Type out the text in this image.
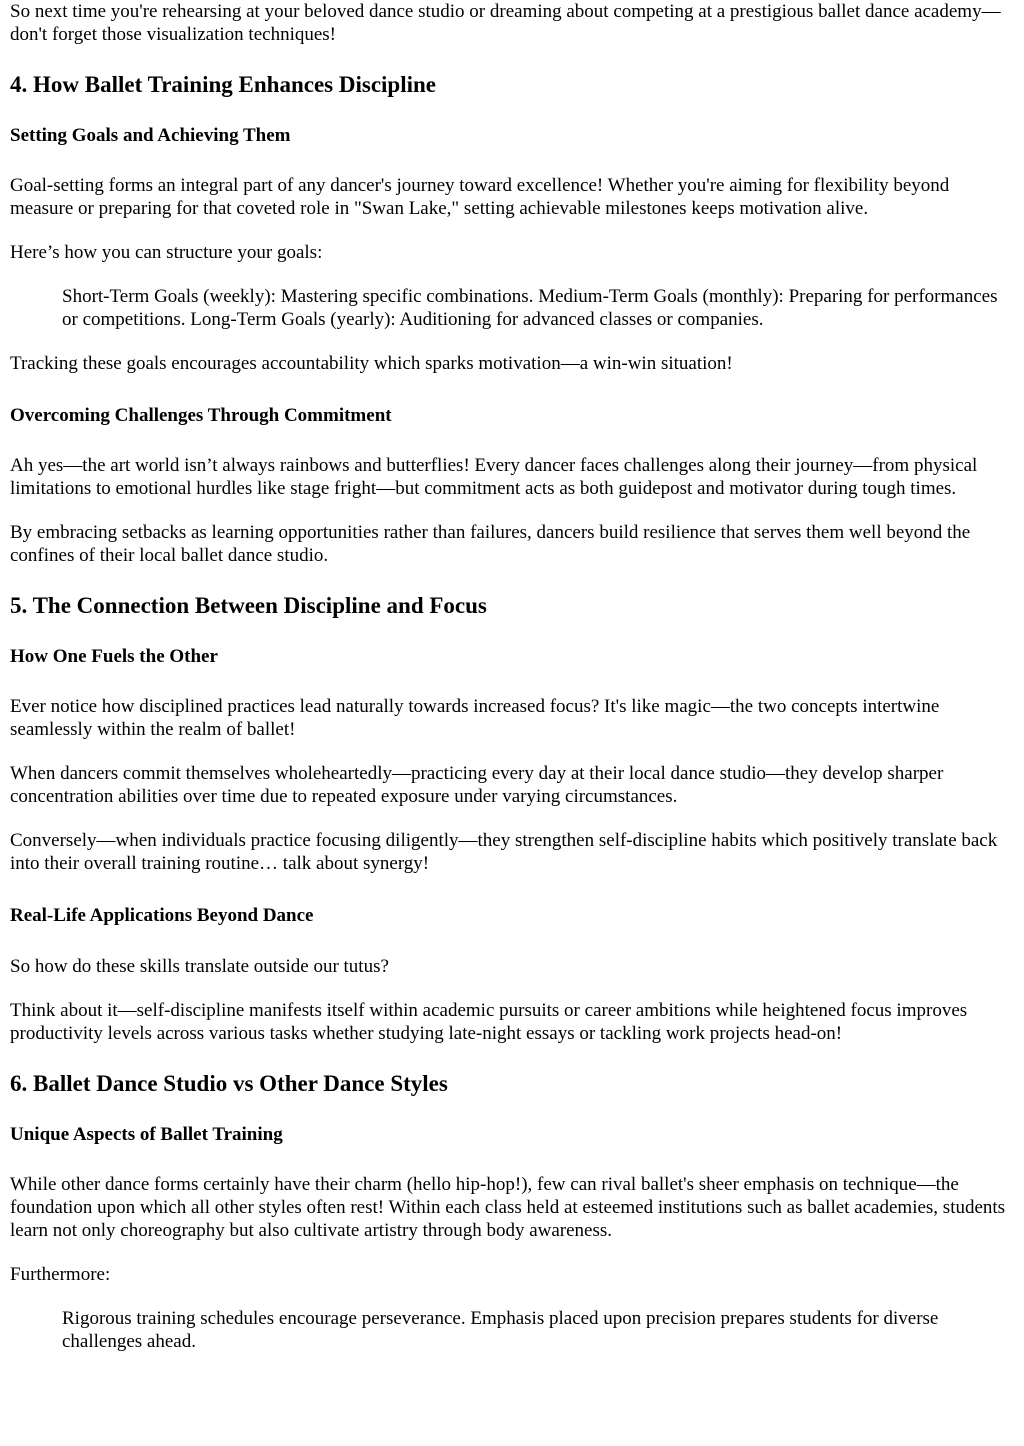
So next time you're rehearsing at your beloved dance studio or dreaming about competing at a prestigious ballet dance academy—don't forget those visualization techniques!

4. How Ballet Training Enhances Discipline
Setting Goals and Achieving Them

Goal-setting forms an integral part of any dancer's journey toward excellence! Whether you're aiming for flexibility beyond measure or preparing for that coveted role in "Swan Lake," setting achievable milestones keeps motivation alive.

Here’s how you can structure your goals:

Short-Term Goals (weekly): Mastering specific combinations. Medium-Term Goals (monthly): Preparing for performances or competitions. Long-Term Goals (yearly): Auditioning for advanced classes or companies.

Tracking these goals encourages accountability which sparks motivation—a win-win situation!

Overcoming Challenges Through Commitment

Ah yes—the art world isn’t always rainbows and butterflies! Every dancer faces challenges along their journey—from physical limitations to emotional hurdles like stage fright—but commitment acts as both guidepost and motivator during tough times.

By embracing setbacks as learning opportunities rather than failures, dancers build resilience that serves them well beyond the confines of their local ballet dance studio.

5. The Connection Between Discipline and Focus
How One Fuels the Other

Ever notice how disciplined practices lead naturally towards increased focus? It's like magic—the two concepts intertwine seamlessly within the realm of ballet!

When dancers commit themselves wholeheartedly—practicing every day at their local dance studio—they develop sharper concentration abilities over time due to repeated exposure under varying circumstances.

Conversely—when individuals practice focusing diligently—they strengthen self-discipline habits which positively translate back into their overall training routine… talk about synergy!

Real-Life Applications Beyond Dance

So how do these skills translate outside our tutus?

Think about it—self-discipline manifests itself within academic pursuits or career ambitions while heightened focus improves productivity levels across various tasks whether studying late-night essays or tackling work projects head-on!

6. Ballet Dance Studio vs Other Dance Styles
Unique Aspects of Ballet Training

While other dance forms certainly have their charm (hello hip-hop!), few can rival ballet's sheer emphasis on technique—the foundation upon which all other styles often rest! Within each class held at esteemed institutions such as ballet academies, students learn not only choreography but also cultivate artistry through body awareness.

Furthermore:

Rigorous training schedules encourage perseverance. Emphasis placed upon precision prepares students for diverse challenges ahead.
